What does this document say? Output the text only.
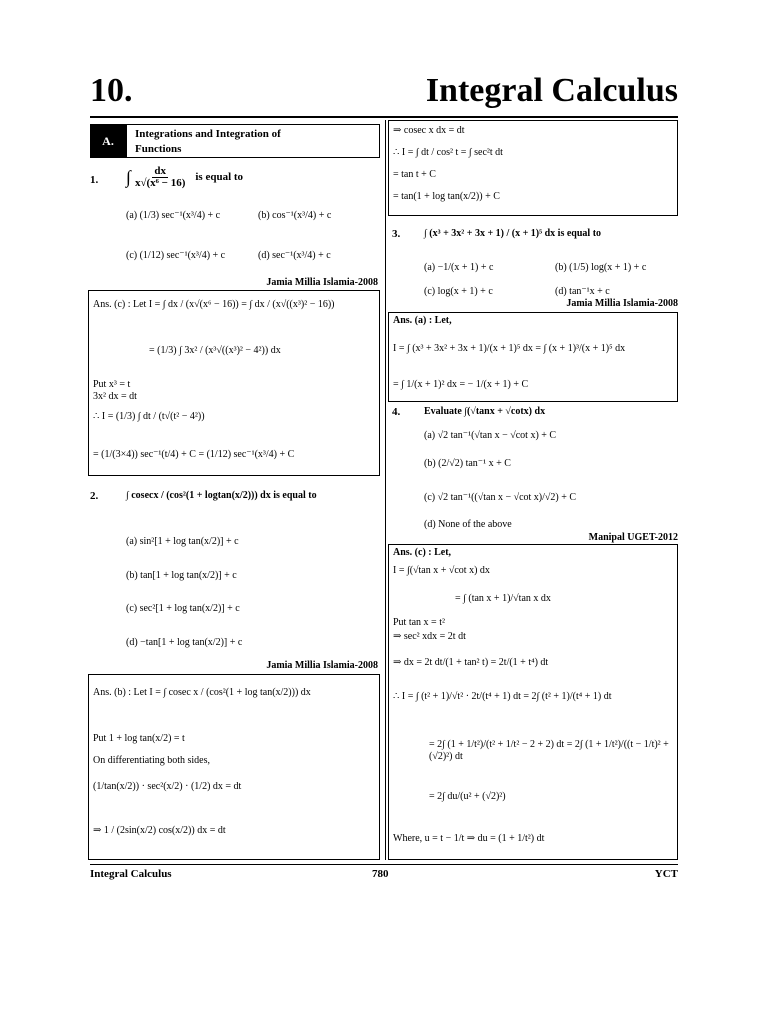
10.	Integral Calculus
A.	Integrations and Integration of
Functions
1. ∫ $\frac{dx}{\text{x√(x⁶ − 16)}}$ is equal to
(a) (1/3) sec⁻¹(x³/4) + c	(b) cos⁻¹(x³/4) + c
(c) (1/12) sec⁻¹(x³/4) + c	(d) sec⁻¹(x³/4) + c
Jamia Millia Islamia-2008
Ans. (c) : Let I = ∫ dx / (x√(x⁶ − 16)) = ∫ dx / (x√((x³)² − 16))
= (1/3) ∫ 3x² / (x³√((x³)² − 4²)) dx
Put x³ = t
3x² dx = dt
∴ I = (1/3) ∫ dt / (t√(t² − 4²))
= (1/(3×4)) sec⁻¹(t/4) + C = (1/12) sec⁻¹(x³/4) + C
2.	∫ cosecx / (cos²(1 + logtan(x/2))) dx is equal to
(a) sin²[1 + log tan(x/2)] + c
(b) tan[1 + log tan(x/2)] + c
(c) sec²[1 + log tan(x/2)] + c
(d) −tan[1 + log tan(x/2)] + c
Jamia Millia Islamia-2008
Ans. (b) : Let I = ∫ cosec x / (cos²(1 + log tan(x/2))) dx
Put 1 + log tan(x/2) = t
On differentiating both sides,
(1/tan(x/2)) · sec²(x/2) · (1/2) dx = dt
⇒ 1 / (2sin(x/2) cos(x/2)) dx = dt
⇒ cosec x dx = dt
∴ I = ∫ dt / cos² t = ∫ sec²t dt
= tan t + C
= tan(1 + log tan(x/2)) + C
3. ∫ (x³ + 3x² + 3x + 1) / (x + 1)⁵ dx is equal to
(a) −1/(x + 1) + c	(b) (1/5) log(x + 1) + c
(c) log(x + 1) + c	(d) tan⁻¹x + c
Jamia Millia Islamia-2008
Ans. (a) : Let,
I = ∫ (x³ + 3x² + 3x + 1)/(x + 1)⁵ dx = ∫ (x + 1)³/(x + 1)⁵ dx
= ∫ 1/(x + 1)² dx = − 1/(x + 1) + C
4. Evaluate ∫(√tanx + √cotx) dx
(a) √2 tan⁻¹(√tan x − √cot x) + C
(b) (2/√2) tan⁻¹ x + C
(c) √2 tan⁻¹((√tan x − √cot x)/√2) + C
(d) None of the above
Manipal UGET-2012
Ans. (c) : Let,
I = ∫(√tan x + √cot x) dx
= ∫ (tan x + 1)/√tan x dx
Put tan x = t²
⇒ sec² xdx = 2t dt
⇒ dx = 2t dt/(1 + tan² t) = 2t/(1 + t⁴) dt
∴ I = ∫ (t² + 1)/√t² · 2t/(t⁴ + 1) dt = 2∫ (t² + 1)/(t⁴ + 1) dt
= 2∫ (1 + 1/t²)/(t² + 1/t² − 2 + 2) dt = 2∫ (1 + 1/t²)/((t − 1/t)² + (√2)²) dt
= 2∫ du/(u² + (√2)²)
Where, u = t − 1/t ⇒ du = (1 + 1/t²) dt
Integral Calculus	780	YCT
